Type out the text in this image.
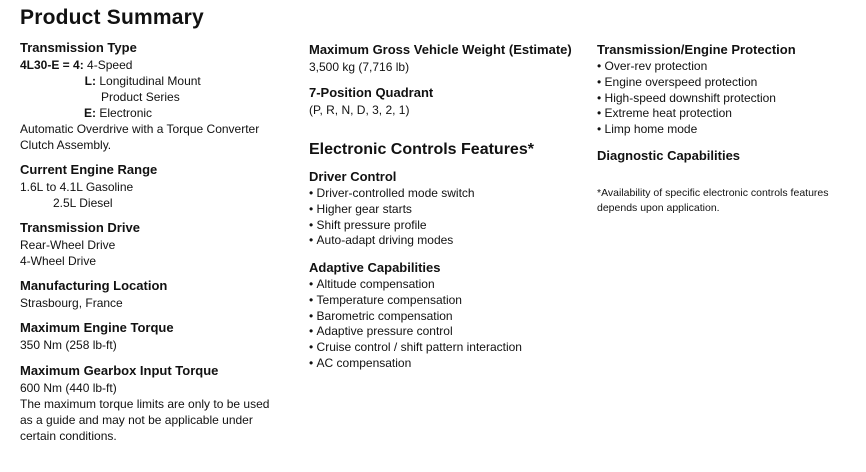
Product Summary
Transmission Type
4L30-E = 4: 4-Speed
L: Longitudinal Mount
Product Series
E: Electronic
Automatic Overdrive with a Torque Converter
Clutch Assembly.
Current Engine Range
1.6L to 4.1L Gasoline
2.5L Diesel
Transmission Drive
Rear-Wheel Drive
4-Wheel Drive
Manufacturing Location
Strasbourg, France
Maximum Engine Torque
350 Nm (258 lb-ft)
Maximum Gearbox Input Torque
600 Nm (440 lb-ft)
The maximum torque limits are only to be used
as a guide and may not be applicable under
certain conditions.
Maximum Gross Vehicle Weight (Estimate)
3,500 kg (7,716 lb)
7-Position Quadrant
(P, R, N, D, 3, 2, 1)
Electronic Controls Features*
Driver Control
• Driver-controlled mode switch
• Higher gear starts
• Shift pressure profile
• Auto-adapt driving modes
Adaptive Capabilities
• Altitude compensation
• Temperature compensation
• Barometric compensation
• Adaptive pressure control
• Cruise control / shift pattern interaction
• AC compensation
Transmission/Engine Protection
• Over-rev protection
• Engine overspeed protection
• High-speed downshift protection
• Extreme heat protection
• Limp home mode
Diagnostic Capabilities
*Availability of specific electronic controls features
depends upon application.
